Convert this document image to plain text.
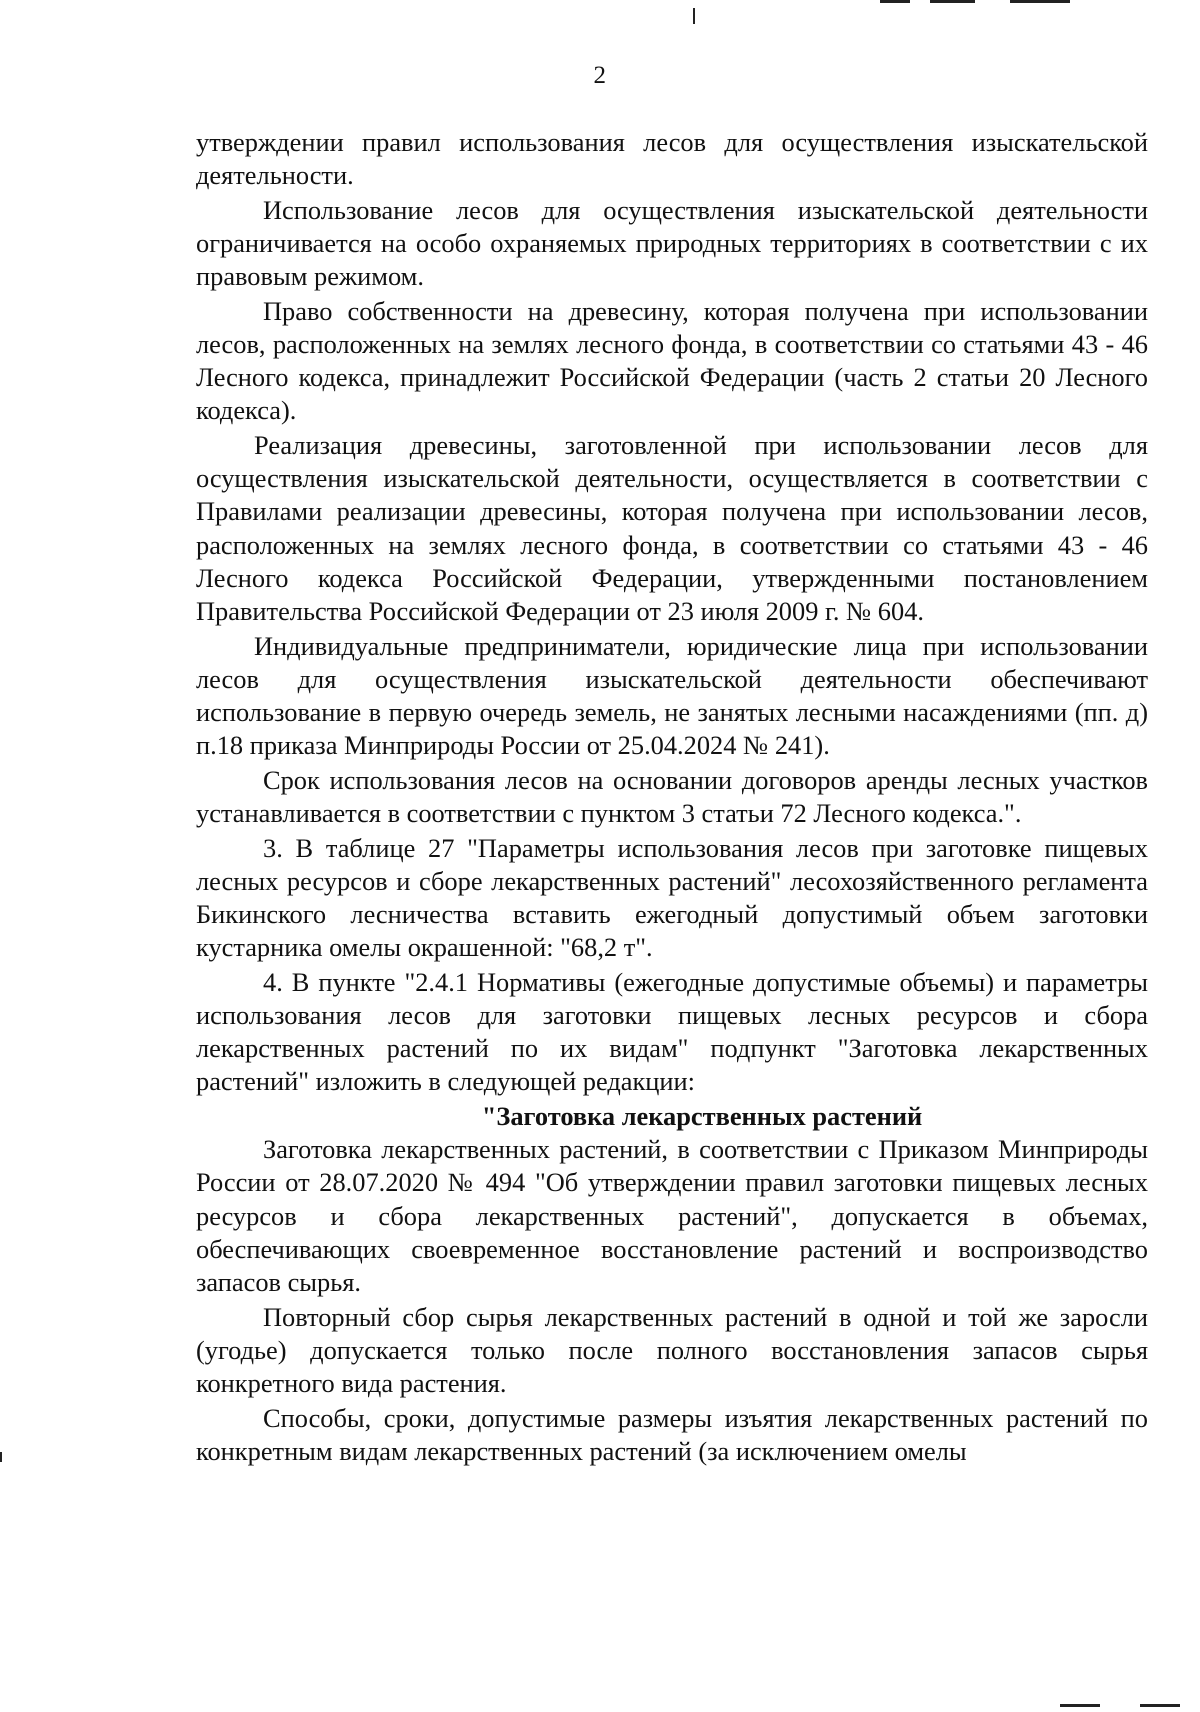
2

утверждении правил использования лесов для осуществления изыскательской деятельности.

Использование лесов для осуществления изыскательской деятельности ограничивается на особо охраняемых природных территориях в соответствии с их правовым режимом.

Право собственности на древесину, которая получена при использовании лесов, расположенных на землях лесного фонда, в соответствии со статьями 43 - 46 Лесного кодекса, принадлежит Российской Федерации (часть 2 статьи 20 Лесного кодекса).

Реализация древесины, заготовленной при использовании лесов для осуществления изыскательской деятельности, осуществляется в соответствии с Правилами реализации древесины, которая получена при использовании лесов, расположенных на землях лесного фонда, в соответствии со статьями 43 - 46 Лесного кодекса Российской Федерации, утвержденными постановлением Правительства Российской Федерации от 23 июля 2009 г. № 604.

Индивидуальные предприниматели, юридические лица при использовании лесов для осуществления изыскательской деятельности обеспечивают использование в первую очередь земель, не занятых лесными насаждениями (пп. д) п.18 приказа Минприроды России от 25.04.2024 № 241).

Срок использования лесов на основании договоров аренды лесных участков устанавливается в соответствии с пунктом 3 статьи 72 Лесного кодекса.".

3. В таблице 27 "Параметры использования лесов при заготовке пищевых лесных ресурсов и сборе лекарственных растений" лесохозяйственного регламента Бикинского лесничества вставить ежегодный допустимый объем заготовки кустарника омелы окрашенной: "68,2 т".

4. В пункте "2.4.1 Нормативы (ежегодные допустимые объемы) и параметры использования лесов для заготовки пищевых лесных ресурсов и сбора лекарственных растений по их видам" подпункт "Заготовка лекарственных растений" изложить в следующей редакции:

"Заготовка лекарственных растений

Заготовка лекарственных растений, в соответствии с Приказом Минприроды России от 28.07.2020 № 494 "Об утверждении правил заготовки пищевых лесных ресурсов и сбора лекарственных растений", допускается в объемах, обеспечивающих своевременное восстановление растений и воспроизводство запасов сырья.

Повторный сбор сырья лекарственных растений в одной и той же заросли (угодье) допускается только после полного восстановления запасов сырья конкретного вида растения.

Способы, сроки, допустимые размеры изъятия лекарственных растений по конкретным видам лекарственных растений (за исключением омелы
